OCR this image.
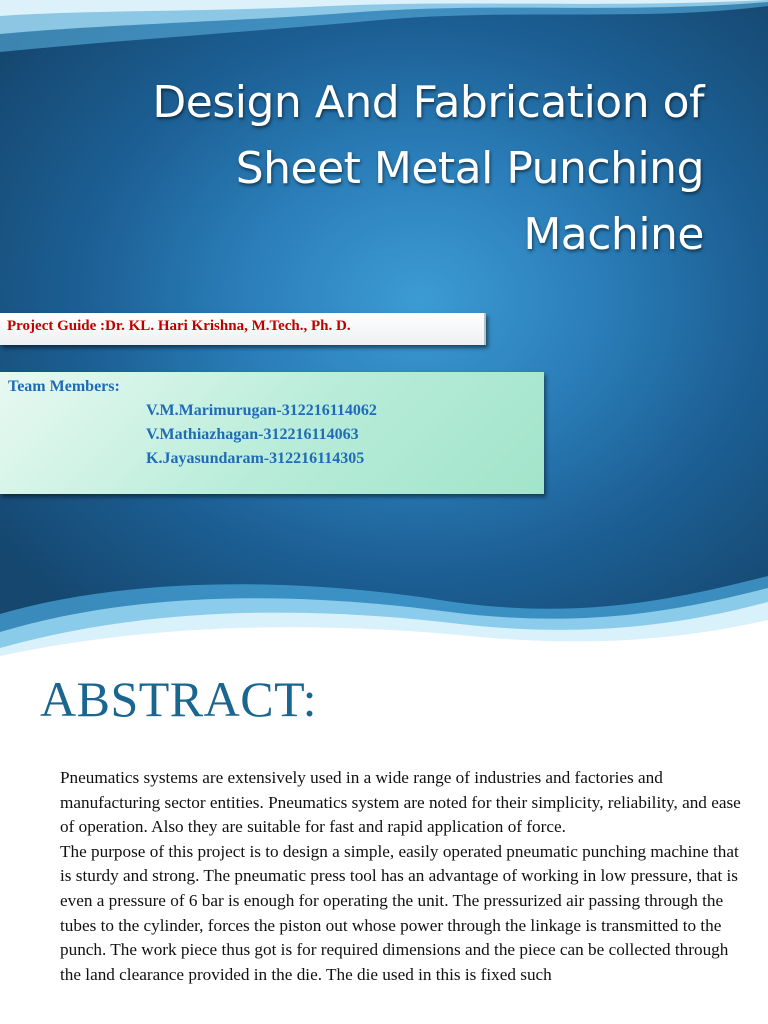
Design And Fabrication of
Sheet Metal Punching
Machine
Project Guide :Dr. KL. Hari Krishna, M.Tech., Ph. D.
Team Members:
V.M.Marimurugan-312216114062
V.Mathiazhagan-312216114063
K.Jayasundaram-312216114305
ABSTRACT:

Pneumatics systems are extensively used in a wide range of industries and factories and manufacturing sector entities. Pneumatics system are noted for their simplicity, reliability, and ease of operation. Also they are suitable for fast and rapid application of force.

The purpose of this project is to design a simple, easily operated pneumatic punching machine that is sturdy and strong. The pneumatic press tool has an advantage of working in low pressure, that is even a pressure of 6 bar is enough for operating the unit. The pressurized air passing through the tubes to the cylinder, forces the piston out whose power through the linkage is transmitted to the punch. The work piece thus got is for required dimensions and the piece can be collected through the land clearance provided in the die. The die used in this is fixed such
